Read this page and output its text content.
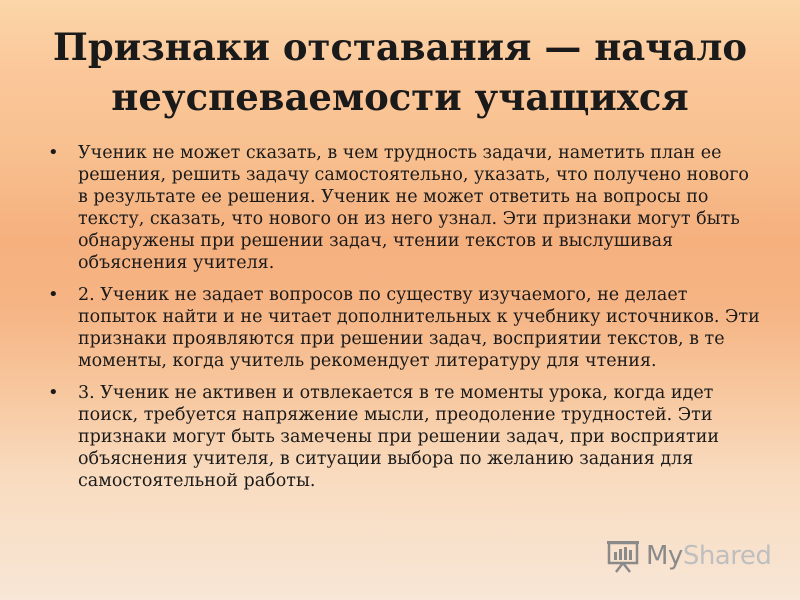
Признаки отставания — начало
неуспеваемости учащихся
• Ученик не может сказать, в чем трудность задачи, наметить план ее решения, решить задачу самостоятельно, указать, что получено нового в результате ее решения. Ученик не может ответить на вопросы по тексту, сказать, что нового он из него узнал. Эти признаки могут быть обнаружены при решении задач, чтении текстов и выслушивая объяснения учителя.
• 2. Ученик не задает вопросов по существу изучаемого, не делает попыток найти и не читает дополнительных к учебнику источников. Эти признаки проявляются при решении задач, восприятии текстов, в те моменты, когда учитель рекомендует литературу для чтения.
• 3. Ученик не активен и отвлекается в те моменты урока, когда идет поиск, требуется напряжение мысли, преодоление трудностей. Эти признаки могут быть замечены при решении задач, при восприятии объяснения учителя, в ситуации выбора по желанию задания для самостоятельной работы.
MyShared
